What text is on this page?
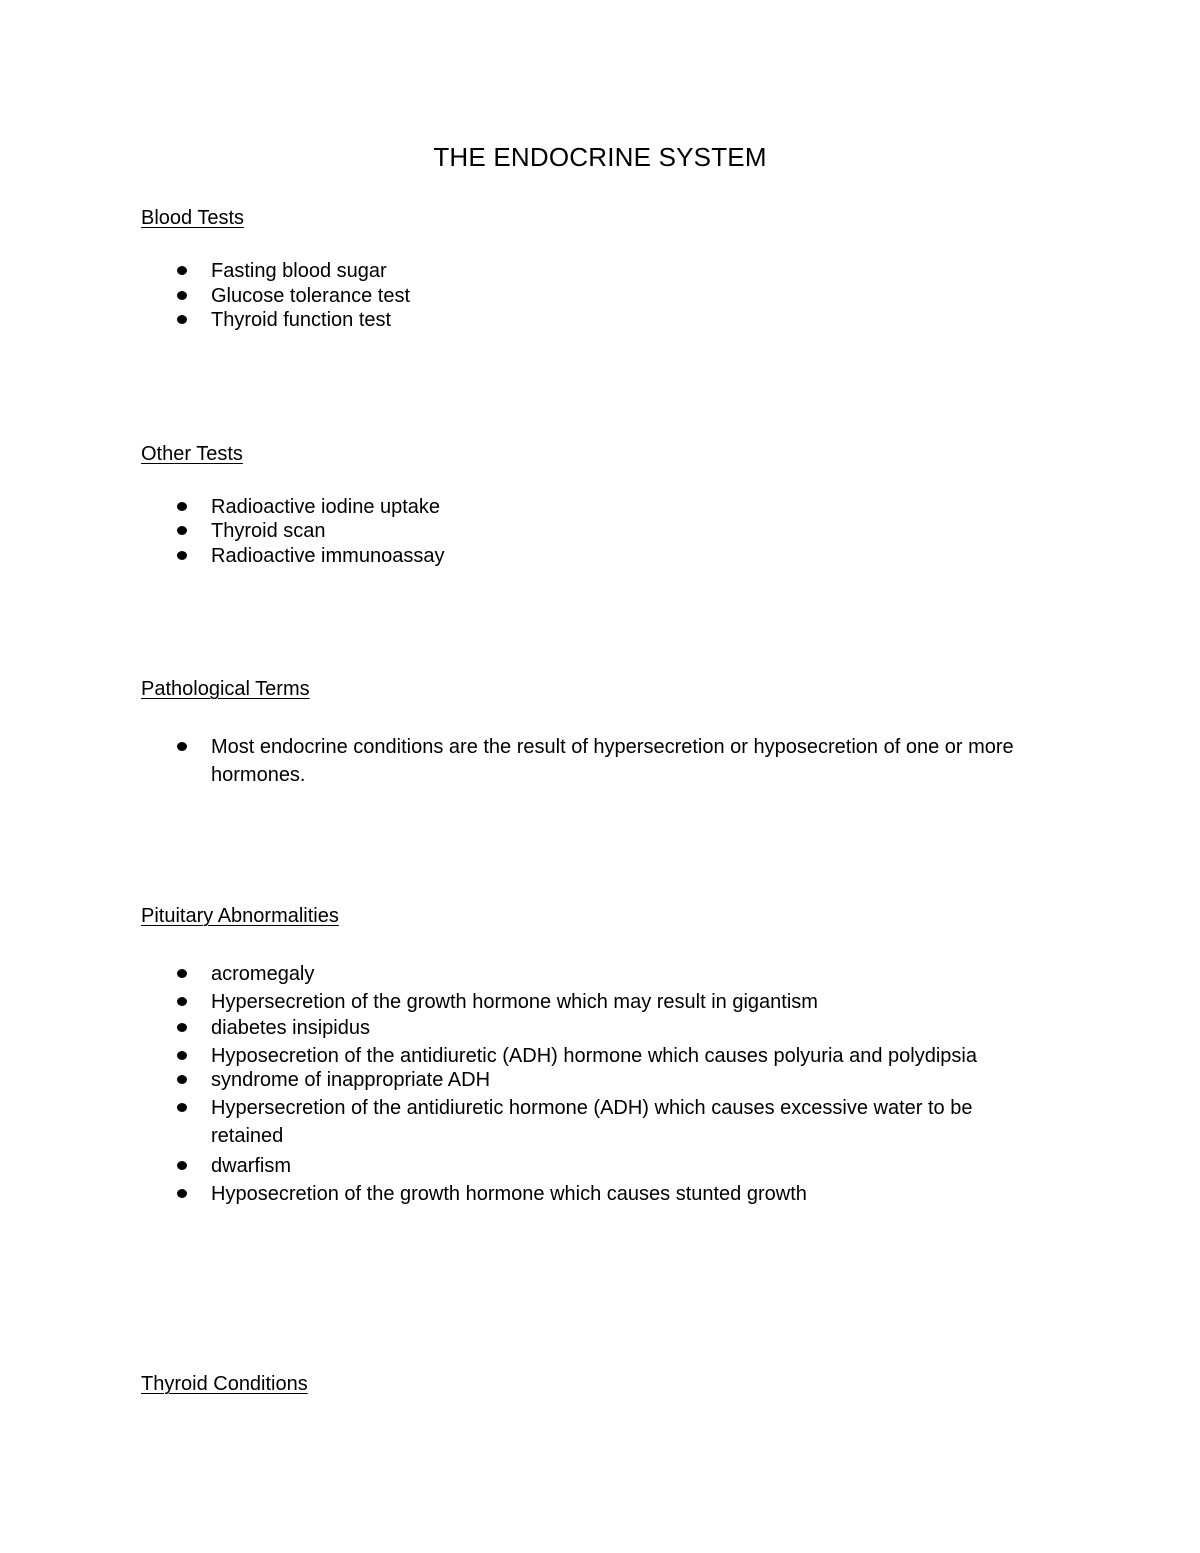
THE ENDOCRINE SYSTEM
Blood Tests
Fasting blood sugar
Glucose tolerance test
Thyroid function test
Other Tests
Radioactive iodine uptake
Thyroid scan
Radioactive immunoassay
Pathological Terms
Most endocrine conditions are the result of hypersecretion or hyposecretion of one or more hormones.
Pituitary Abnormalities
acromegaly
Hypersecretion of the growth hormone which may result in gigantism
diabetes insipidus
Hyposecretion of the antidiuretic (ADH) hormone which causes polyuria and polydipsia
syndrome of inappropriate ADH
Hypersecretion of the antidiuretic hormone (ADH) which causes excessive water to be retained
dwarfism
Hyposecretion of the growth hormone which causes stunted growth
Thyroid Conditions
